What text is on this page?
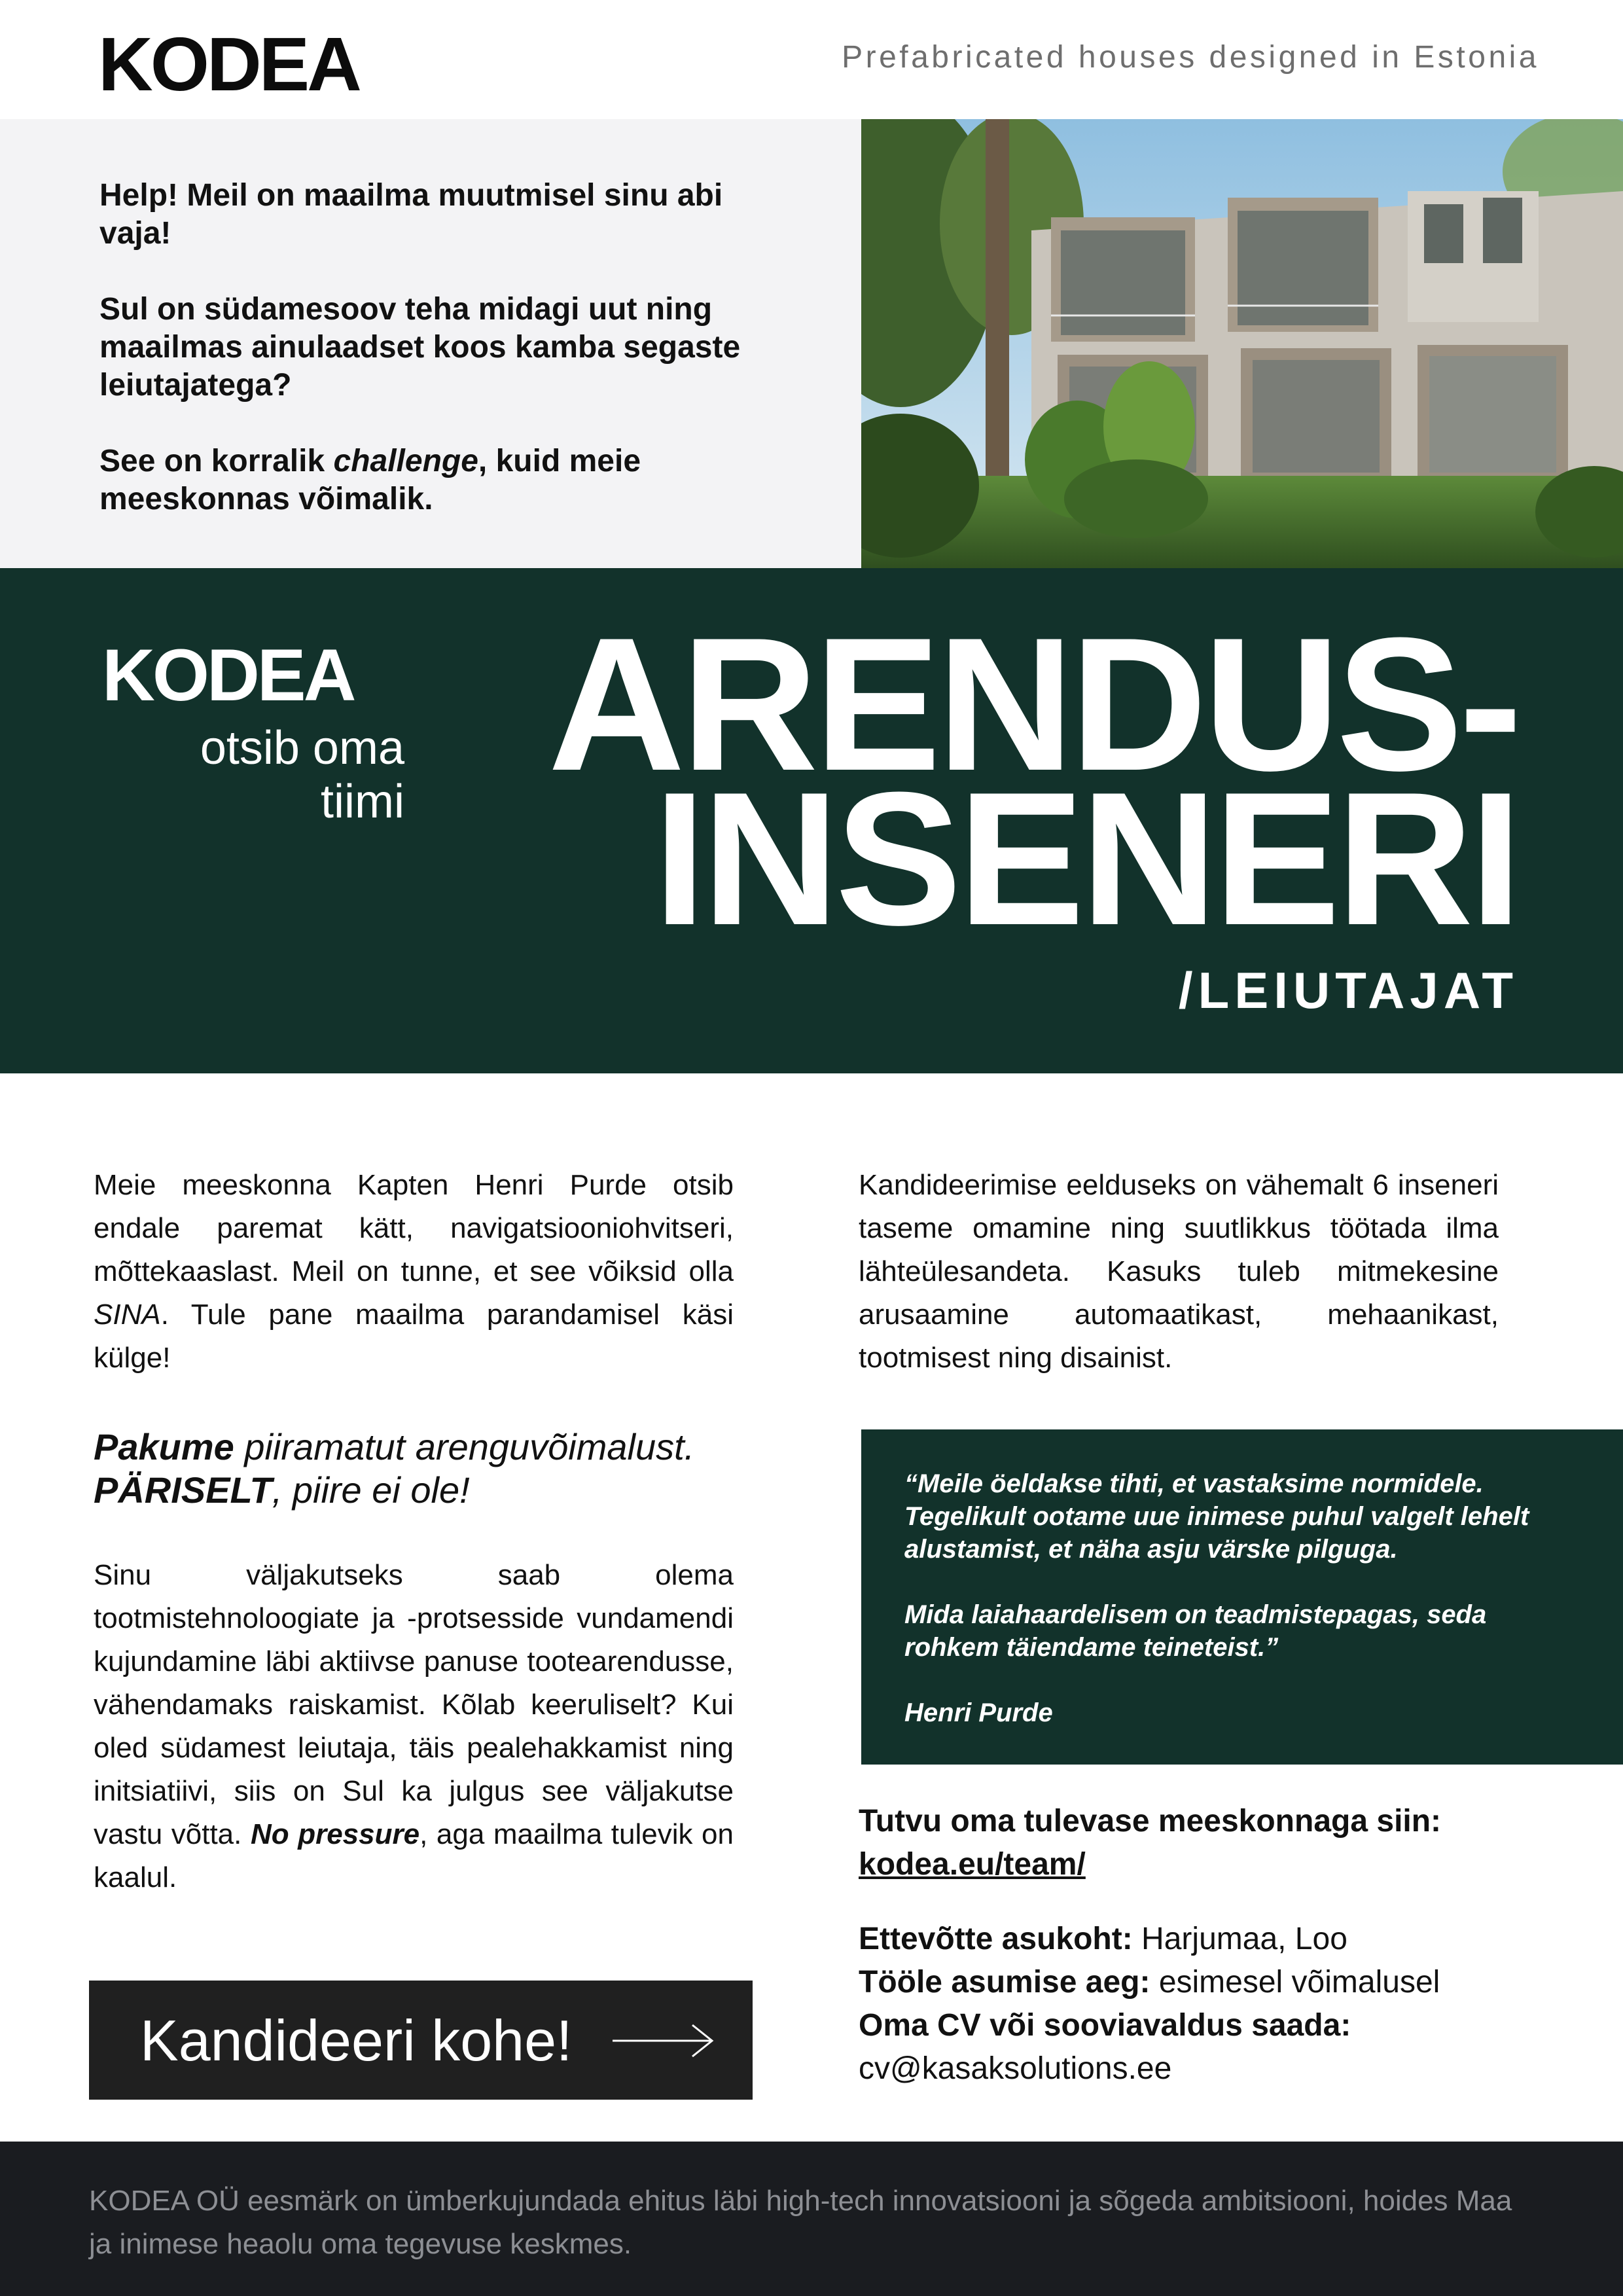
KODEA	Prefabricated houses designed in Estonia

Help! Meil on maailma muutmisel sinu abi vaja!

Sul on südamesoov teha midagi uut ning maailmas ainulaadset koos kamba segaste leiutajatega?

See on korralik challenge, kuid meie meeskonnas võimalik.

KODEA
otsib oma
tiimi ARENDUS-
INSENERI
/LEIUTAJAT

Meie meeskonna Kapten Henri Purde otsib endale paremat kätt, navigatsiooniohvitseri, mõttekaaslast. Meil on tunne, et see võiksid olla SINA. Tule pane maailma parandamisel käsi külge!

Pakume piiramatut arenguvõimalust.
PÄRISELT, piire ei ole!

Sinu väljakutseks saab olema tootmistehnoloogiate ja -protsesside vundamendi kujundamine läbi aktiivse panuse tootearendusse, vähendamaks raiskamist. Kõlab keeruliselt? Kui oled südamest leiutaja, täis pealehakkamist ning initsiatiivi, siis on Sul ka julgus see väljakutse vastu võtta. No pressure, aga maailma tulevik on kaalul.

Kandideerimise eelduseks on vähemalt 6 inseneri taseme omamine ning suutlikkus töötada ilma lähteülesandeta. Kasuks tuleb mitmekesine arusaamine automaatikast, mehaanikast, tootmisest ning disainist.

“Meile öeldakse tihti, et vastaksime normidele. Tegelikult ootame uue inimese puhul valgelt lehelt alustamist, et näha asju värske pilguga.

Mida laiahaardelisem on teadmistepagas, seda rohkem täiendame teineteist.”

Henri Purde

Tutvu oma tulevase meeskonnaga siin:
kodea.eu/team/
Ettevõtte asukoht: Harjumaa, Loo
Tööle asumise aeg: esimesel võimalusel
Oma CV või sooviavaldus saada:
cv@kasaksolutions.ee
Kandideeri kohe!
KODEA OÜ eesmärk on ümberkujundada ehitus läbi high-tech innovatsiooni ja sõgeda ambitsiooni, hoides Maa ja inimese heaolu oma tegevuse keskmes.
